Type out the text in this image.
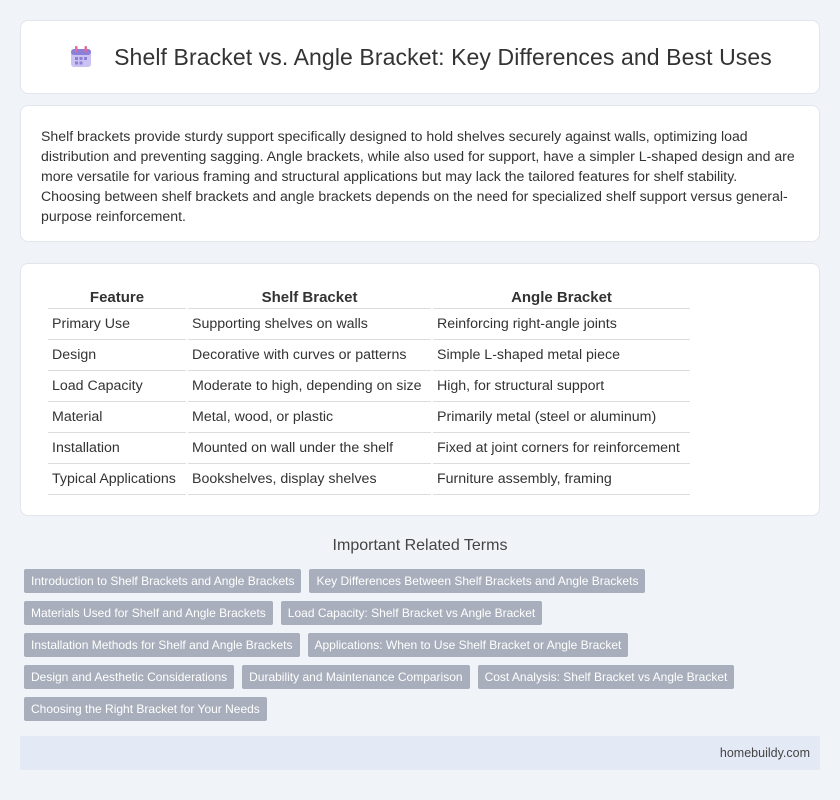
Shelf Bracket vs. Angle Bracket: Key Differences and Best Uses

Shelf brackets provide sturdy support specifically designed to hold shelves securely against walls, optimizing load distribution and preventing sagging. Angle brackets, while also used for support, have a simpler L-shaped design and are more versatile for various framing and structural applications but may lack the tailored features for shelf stability. Choosing between shelf brackets and angle brackets depends on the need for specialized shelf support versus general-purpose reinforcement.

Feature	Shelf Bracket	Angle Bracket
Primary Use	Supporting shelves on walls	Reinforcing right-angle joints
Design	Decorative with curves or patterns	Simple L-shaped metal piece
Load Capacity	Moderate to high, depending on size	High, for structural support
Material	Metal, wood, or plastic	Primarily metal (steel or aluminum)
Installation	Mounted on wall under the shelf	Fixed at joint corners for reinforcement
Typical Applications	Bookshelves, display shelves	Furniture assembly, framing
Important Related Terms
Introduction to Shelf Brackets and Angle Brackets	Key Differences Between Shelf Brackets and Angle Brackets
Materials Used for Shelf and Angle Brackets	Load Capacity: Shelf Bracket vs Angle Bracket
Installation Methods for Shelf and Angle Brackets	Applications: When to Use Shelf Bracket or Angle Bracket
Design and Aesthetic Considerations	Durability and Maintenance Comparison	Cost Analysis: Shelf Bracket vs Angle Bracket
Choosing the Right Bracket for Your Needs
homebuildy.com
